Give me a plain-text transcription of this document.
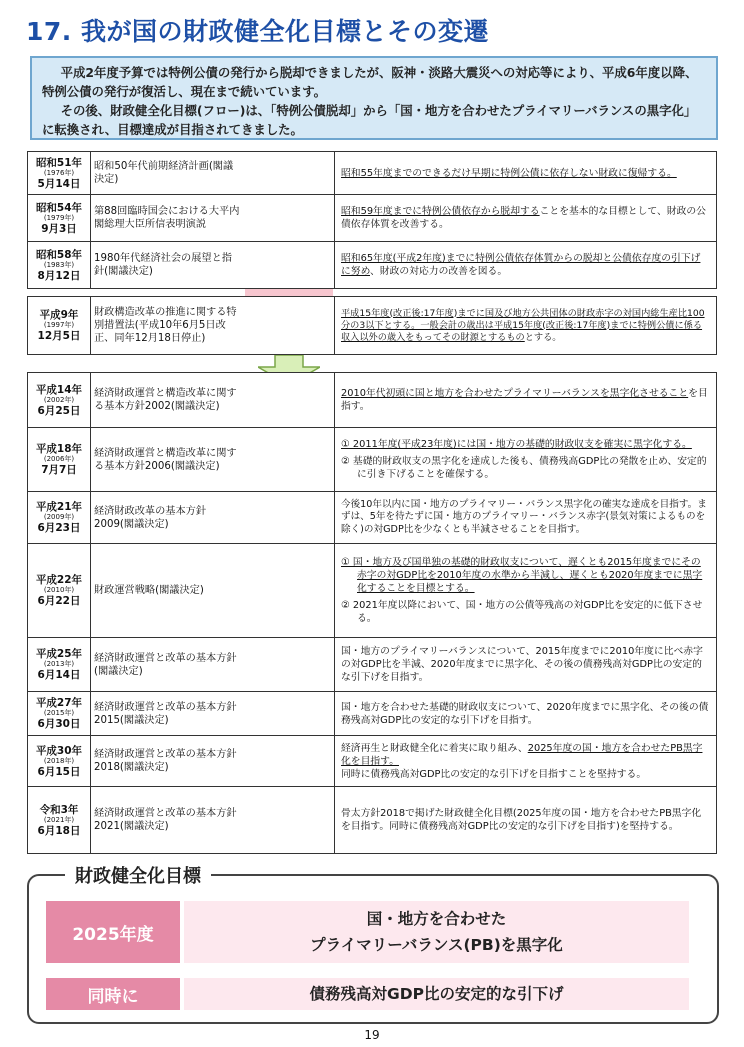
17. 我が国の財政健全化目標とその変遷

平成2年度予算では特例公債の発行から脱却できましたが、阪神・淡路大震災への対応等により、平成6年度以降、特例公債の発行が復活し、現在まで続いています。

その後、財政健全化目標(フロー)は、「特例公債脱却」から「国・地方を合わせたプライマリーバランスの黒字化」に転換され、目標達成が目指されてきました。

昭和51年
(1976年)
5月14日
昭和50年代前期経済計画(閣議決定)
昭和55年度までのできるだけ早期に特例公債に依存しない財政に復帰する。
昭和54年
(1979年)
9月3日
第88回臨時国会における大平内閣総理大臣所信表明演説
昭和59年度までに特例公債依存から脱却することを基本的な目標として、財政の公債依存体質を改善する。
昭和58年
(1983年)
8月12日
1980年代経済社会の展望と指針(閣議決定)
昭和65年度(平成2年度)までに特例公債依存体質からの脱却と公債依存度の引下げに努め、財政の対応力の改善を図る。
平成9年
(1997年)
12月5日
財政構造改革の推進に関する特別措置法(平成10年6月5日改正、同年12月18日停止)
平成15年度(改正後:17年度)までに国及び地方公共団体の財政赤字の対国内総生産比100分の3以下とする。一般会計の歳出は平成15年度(改正後:17年度)までに特例公債に係る収入以外の歳入をもってその財源とするものとする。
平成14年
(2002年)
6月25日
経済財政運営と構造改革に関する基本方針2002(閣議決定)
2010年代初頭に国と地方を合わせたプライマリーバランスを黒字化させることを目指す。
平成18年
(2006年)
7月7日
経済財政運営と構造改革に関する基本方針2006(閣議決定)
① 2011年度(平成23年度)には国・地方の基礎的財政収支を確実に黒字化する。
② 基礎的財政収支の黒字化を達成した後も、債務残高GDP比の発散を止め、安定的に引き下げることを確保する。
平成21年
(2009年)
6月23日
経済財政改革の基本方針2009(閣議決定)
今後10年以内に国・地方のプライマリー・バランス黒字化の確実な達成を目指す。まずは、5年を待たずに国・地方のプライマリー・バランス赤字(景気対策によるものを除く)の対GDP比を少なくとも半減させることを目指す。
平成22年
(2010年)
6月22日
財政運営戦略(閣議決定)
① 国・地方及び国単独の基礎的財政収支について、遅くとも2015年度までにその赤字の対GDP比を2010年度の水準から半減し、遅くとも2020年度までに黒字化することを目標とする。
② 2021年度以降において、国・地方の公債等残高の対GDP比を安定的に低下させる。
平成25年
(2013年)
6月14日
経済財政運営と改革の基本方針(閣議決定)
国・地方のプライマリーバランスについて、2015年度までに2010年度に比べ赤字の対GDP比を半減、2020年度までに黒字化、その後の債務残高対GDP比の安定的な引下げを目指す。
平成27年
(2015年)
6月30日
経済財政運営と改革の基本方針2015(閣議決定)
国・地方を合わせた基礎的財政収支について、2020年度までに黒字化、その後の債務残高対GDP比の安定的な引下げを目指す。
平成30年
(2018年)
6月15日
経済財政運営と改革の基本方針2018(閣議決定)
経済再生と財政健全化に着実に取り組み、2025年度の国・地方を合わせたPB黒字化を目指す。
同時に債務残高対GDP比の安定的な引下げを目指すことを堅持する。
令和3年
(2021年)
6月18日
経済財政運営と改革の基本方針2021(閣議決定)
骨太方針2018で掲げた財政健全化目標(2025年度の国・地方を合わせたPB黒字化を目指す。同時に債務残高対GDP比の安定的な引下げを目指す)を堅持する。
財政健全化目標
2025年度
国・地方を合わせた
プライマリーバランス(PB)を黒字化
同時に	債務残高対GDP比の安定的な引下げ
19
